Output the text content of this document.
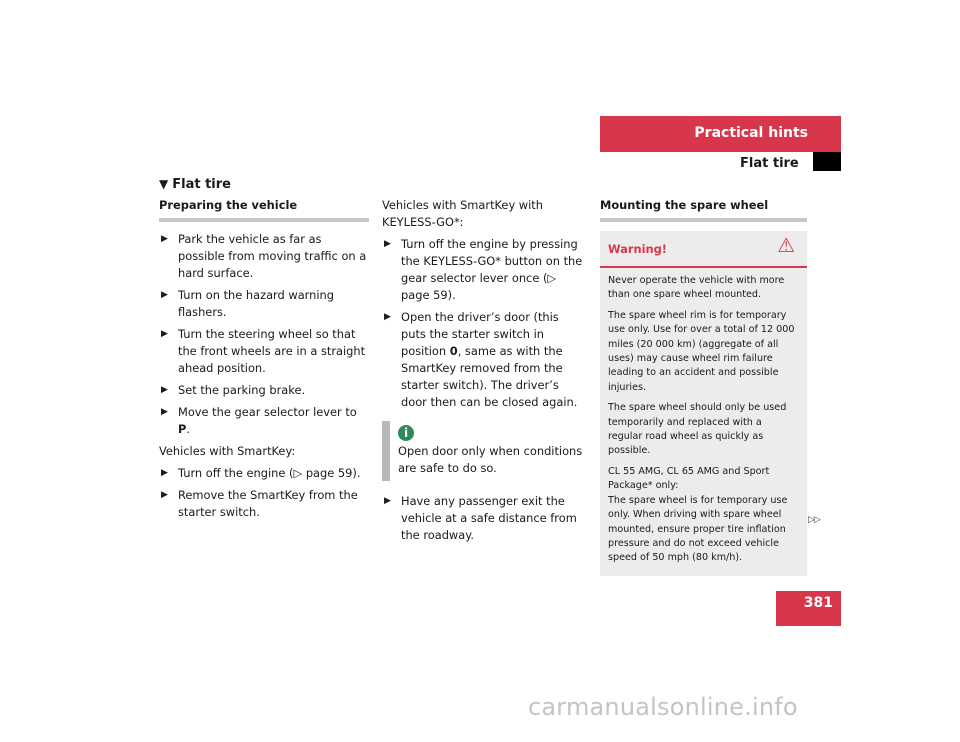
Practical hints
Flat tire
▼ Flat tire
Preparing the vehicle
▶ Park the vehicle as far as possible from moving traffic on a hard surface.
▶ Turn on the hazard warning flashers.
▶ Turn the steering wheel so that the front wheels are in a straight ahead position.
▶ Set the parking brake.
▶ Move the gear selector lever to P.
Vehicles with SmartKey:
▶ Turn off the engine (▷ page 59).
▶ Remove the SmartKey from the starter switch.
Vehicles with SmartKey with KEYLESS-GO*:
▶ Turn off the engine by pressing the KEYLESS-GO* button on the gear selector lever once (▷ page 59).
▶ Open the driver’s door (this puts the starter switch in position 0, same as with the SmartKey removed from the starter switch). The driver’s door then can be closed again.
i
Open door only when conditions are safe to do so.
▶ Have any passenger exit the vehicle at a safe distance from the roadway.
Mounting the spare wheel
Warning!	⚠

Never operate the vehicle with more than one spare wheel mounted.

The spare wheel rim is for temporary use only. Use for over a total of 12 000 miles (20 000 km) (aggregate of all uses) may cause wheel rim failure leading to an accident and possible injuries.

The spare wheel should only be used temporarily and replaced with a regular road wheel as quickly as possible.

CL 55 AMG, CL 65 AMG and Sport Package* only:
The spare wheel is for temporary use only. When driving with spare wheel mounted, ensure proper tire inflation pressure and do not exceed vehicle speed of 50 mph (80 km/h).

▷▷
381
carmanualsonline.info
